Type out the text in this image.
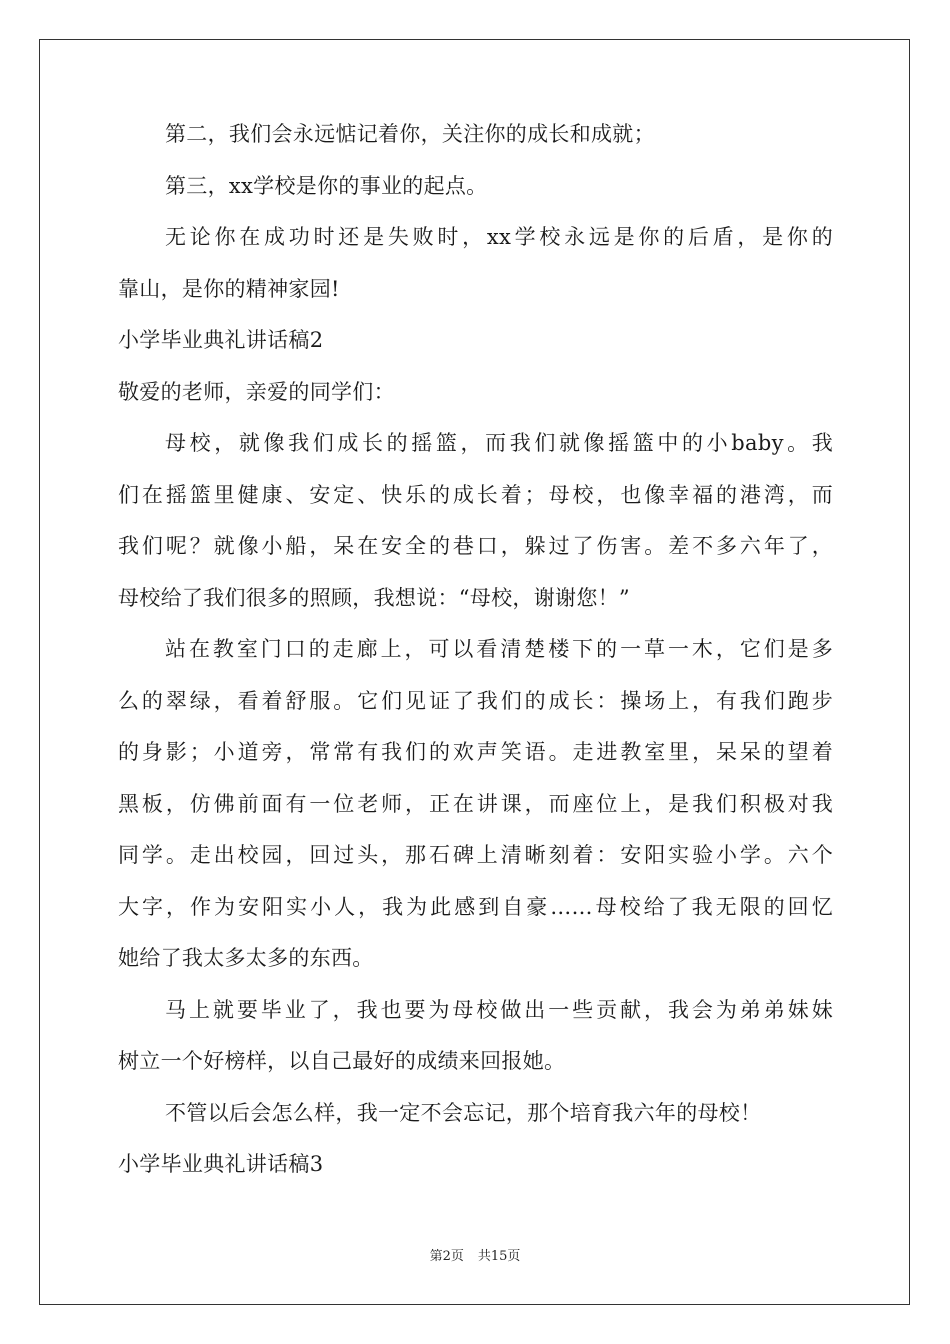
第二，我们会永远惦记着你，关注你的成长和成就；
第三，xx学校是你的事业的起点。
无论你在成功时还是失败时，xx学校永远是你的后盾，是你的
靠山，是你的精神家园!
小学毕业典礼讲话稿2
敬爱的老师，亲爱的同学们：
母校，就像我们成长的摇篮，而我们就像摇篮中的小baby。我
们在摇篮里健康、安定、快乐的成长着；母校，也像幸福的港湾，而
我们呢？就像小船，呆在安全的巷口，躲过了伤害。差不多六年了，
母校给了我们很多的照顾，我想说：“母校，谢谢您！”
站在教室门口的走廊上，可以看清楚楼下的一草一木，它们是多
么的翠绿，看着舒服。它们见证了我们的成长：操场上，有我们跑步
的身影；小道旁，常常有我们的欢声笑语。走进教室里，呆呆的望着
黑板，仿佛前面有一位老师，正在讲课，而座位上，是我们积极对我
同学。走出校园，回过头，那石碑上清晰刻着：安阳实验小学。六个
大字，作为安阳实小人，我为此感到自豪……母校给了我无限的回忆
她给了我太多太多的东西。
马上就要毕业了，我也要为母校做出一些贡献，我会为弟弟妹妹
树立一个好榜样，以自己最好的成绩来回报她。
不管以后会怎么样，我一定不会忘记，那个培育我六年的母校！
小学毕业典礼讲话稿3
第2页 共15页
